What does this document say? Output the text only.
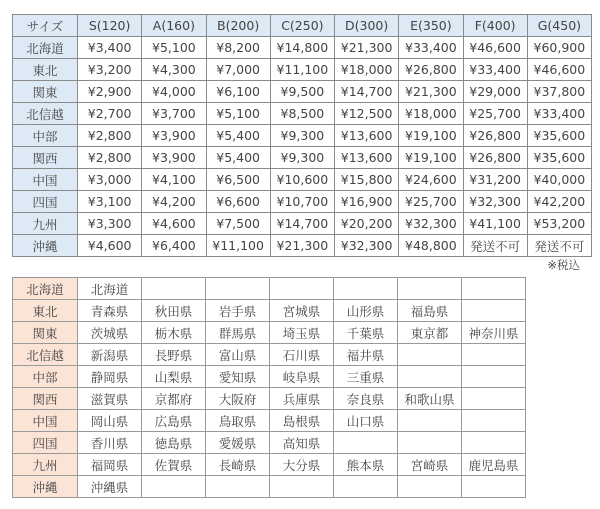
サイズ	S(120)	A(160)	B(200)	C(250)	D(300)	E(350)	F(400)	G(450)
北海道	¥3,400	¥5,100	¥8,200	¥14,800	¥21,300	¥33,400	¥46,600	¥60,900
東北	¥3,200	¥4,300	¥7,000	¥11,100	¥18,000	¥26,800	¥33,400	¥46,600
関東	¥2,900	¥4,000	¥6,100	¥9,500	¥14,700	¥21,300	¥29,000	¥37,800
北信越	¥2,700	¥3,700	¥5,100	¥8,500	¥12,500	¥18,000	¥25,700	¥33,400
中部	¥2,800	¥3,900	¥5,400	¥9,300	¥13,600	¥19,100	¥26,800	¥35,600
関西	¥2,800	¥3,900	¥5,400	¥9,300	¥13,600	¥19,100	¥26,800	¥35,600
中国	¥3,000	¥4,100	¥6,500	¥10,600	¥15,800	¥24,600	¥31,200	¥40,000
四国	¥3,100	¥4,200	¥6,600	¥10,700	¥16,900	¥25,700	¥32,300	¥42,200
九州	¥3,300	¥4,600	¥7,500	¥14,700	¥20,200	¥32,300	¥41,100	¥53,200
沖縄	¥4,600	¥6,400	¥11,100	¥21,300	¥32,300	¥48,800	発送不可	発送不可
※税込
北海道	北海道						
東北	青森県	秋田県	岩手県	宮城県	山形県	福島県	
関東	茨城県	栃木県	群馬県	埼玉県	千葉県	東京都	神奈川県
北信越	新潟県	長野県	富山県	石川県	福井県		
中部	静岡県	山梨県	愛知県	岐阜県	三重県		
関西	滋賀県	京都府	大阪府	兵庫県	奈良県	和歌山県	
中国	岡山県	広島県	鳥取県	島根県	山口県		
四国	香川県	徳島県	愛媛県	高知県			
九州	福岡県	佐賀県	長崎県	大分県	熊本県	宮崎県	鹿児島県
沖縄	沖縄県						
